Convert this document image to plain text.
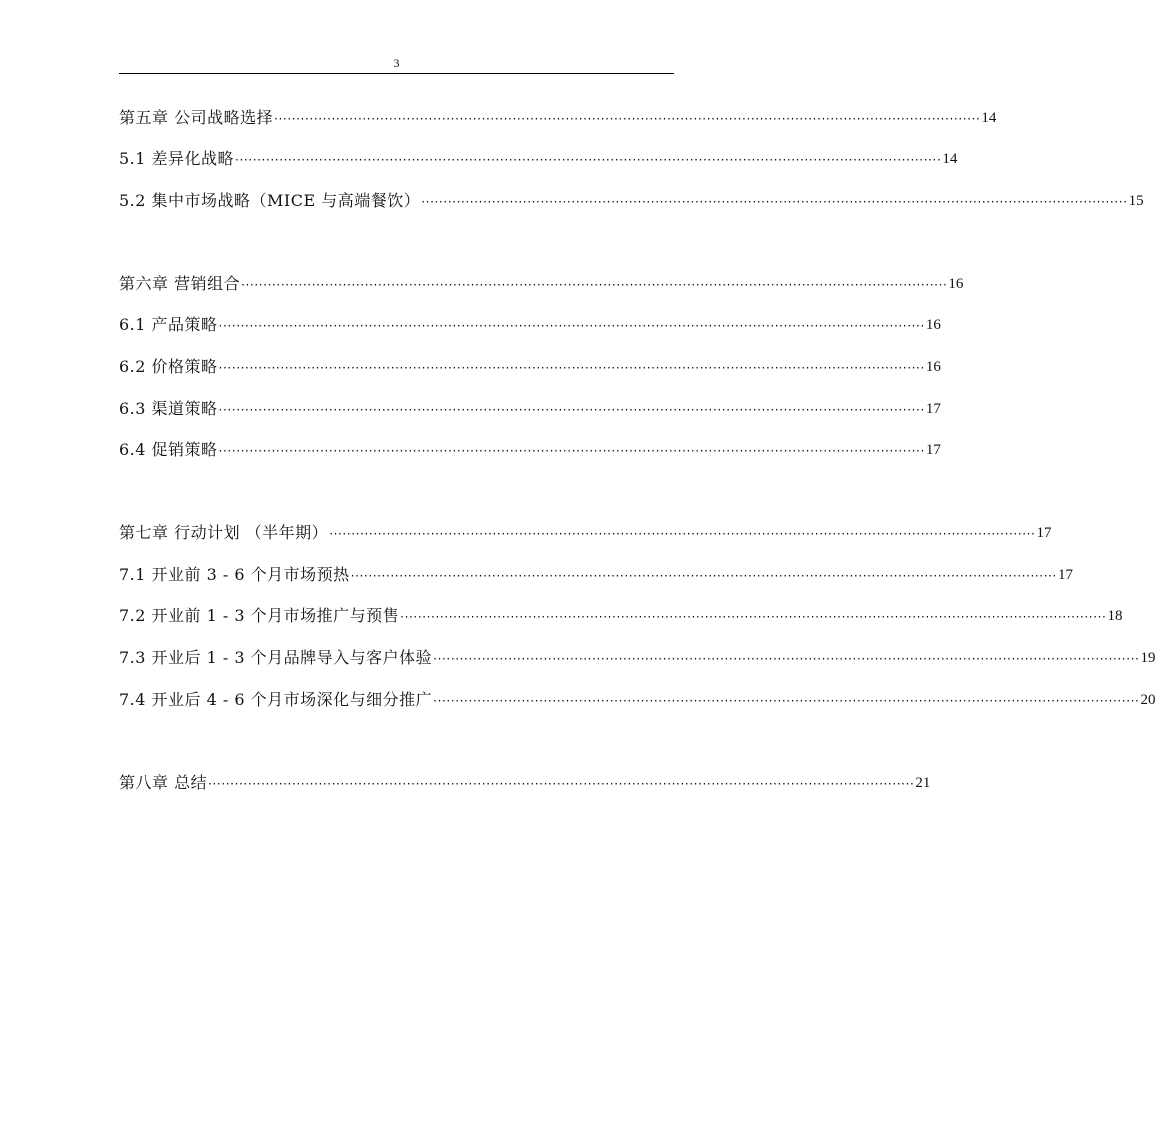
3
第五章 公司战略选择 ································································································································································ 14
5.1 差异化战略 ································································································································································ 14
5.2 集中市场战略（MICE 与高端餐饮） ································································································································································ 15
第六章 营销组合 ································································································································································ 16
6.1 产品策略 ································································································································································ 16
6.2 价格策略 ································································································································································ 16
6.3 渠道策略 ································································································································································ 17
6.4 促销策略 ································································································································································ 17
第七章 行动计划 （半年期） ································································································································································ 17
7.1 开业前 3 - 6 个月市场预热 ································································································································································ 17
7.2 开业前 1 - 3 个月市场推广与预售 ································································································································································ 18
7.3 开业后 1 - 3 个月品牌导入与客户体验 ································································································································································ 19
7.4 开业后 4 - 6 个月市场深化与细分推广 ································································································································································ 20
第八章 总结 ································································································································································ 21
